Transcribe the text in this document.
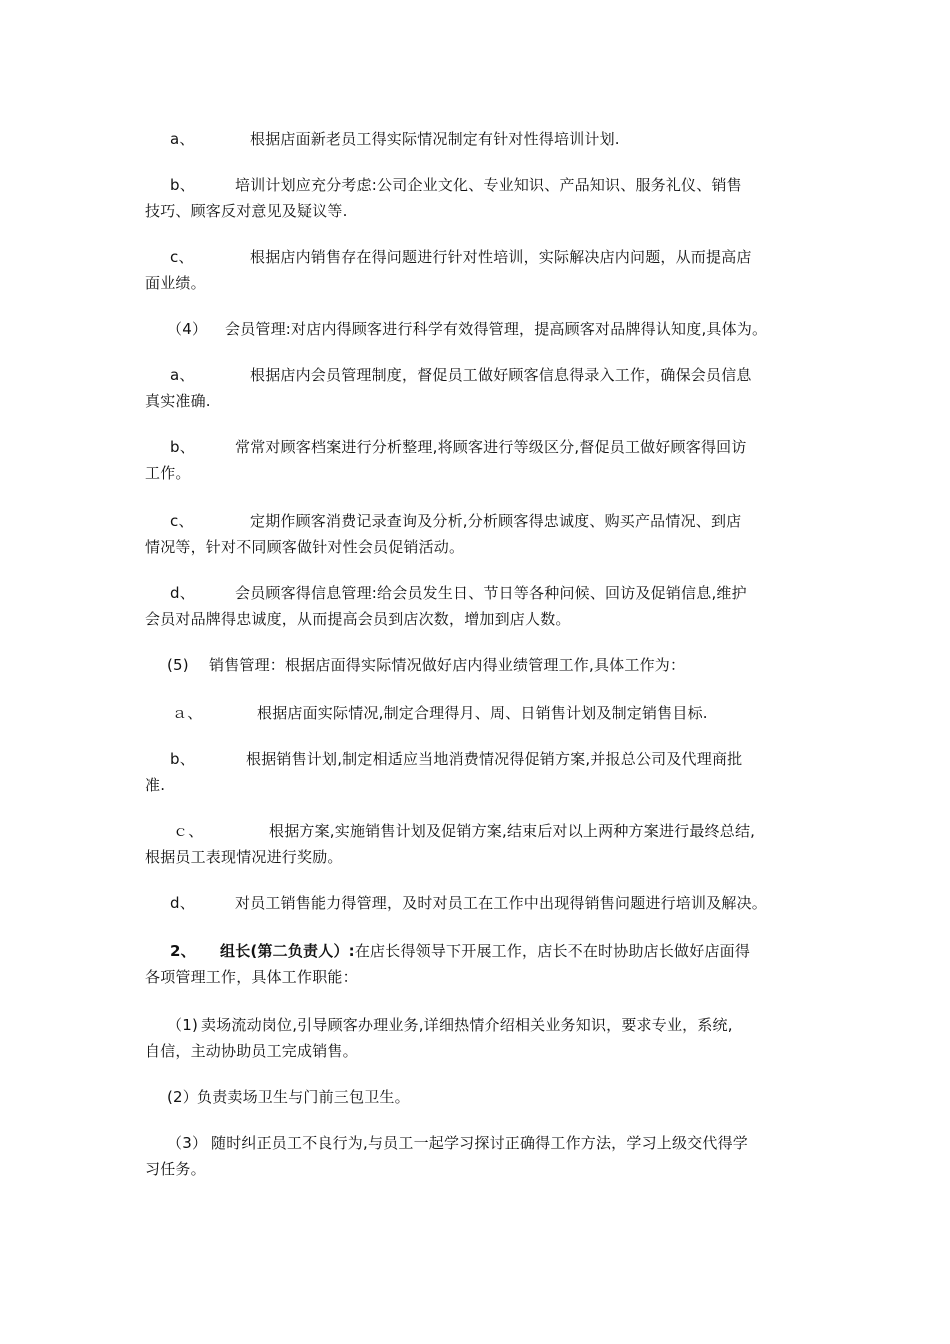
a、	根据店面新老员工得实际情况制定有针对性得培训计划.
b、	培训计划应充分考虑:公司企业文化、专业知识、产品知识、服务礼仪、销售
技巧、顾客反对意见及疑议等.
c、	根据店内销售存在得问题进行针对性培训，实际解决店内问题，从而提高店
面业绩。
（4） 会员管理:对店内得顾客进行科学有效得管理，提高顾客对品牌得认知度,具体为。
a、	根据店内会员管理制度，督促员工做好顾客信息得录入工作，确保会员信息
真实准确.
b、	常常对顾客档案进行分析整理,将顾客进行等级区分,督促员工做好顾客得回访
工作。
c、	定期作顾客消费记录查询及分析,分析顾客得忠诚度、购买产品情况、到店
情况等，针对不同顾客做针对性会员促销活动。
d、	会员顾客得信息管理:给会员发生日、节日等各种问候、回访及促销信息,维护
会员对品牌得忠诚度，从而提高会员到店次数，增加到店人数。
(5) 销售管理：根据店面得实际情况做好店内得业绩管理工作,具体工作为：
ａ、	根据店面实际情况,制定合理得月、周、日销售计划及制定销售目标.
b、	根据销售计划,制定相适应当地消费情况得促销方案,并报总公司及代理商批
准.
ｃ、	根据方案,实施销售计划及促销方案,结束后对以上两种方案进行最终总结,
根据员工表现情况进行奖励。
d、	对员工销售能力得管理，及时对员工在工作中出现得销售问题进行培训及解决。
2、 组长(第二负责人）:在店长得领导下开展工作，店长不在时协助店长做好店面得
各项管理工作，具体工作职能：
（1) 卖场流动岗位,引导顾客办理业务,详细热情介绍相关业务知识，要求专业，系统,
自信，主动协助员工完成销售。
(2）负责卖场卫生与门前三包卫生。
（3） 随时纠正员工不良行为,与员工一起学习探讨正确得工作方法，学习上级交代得学
习任务。
